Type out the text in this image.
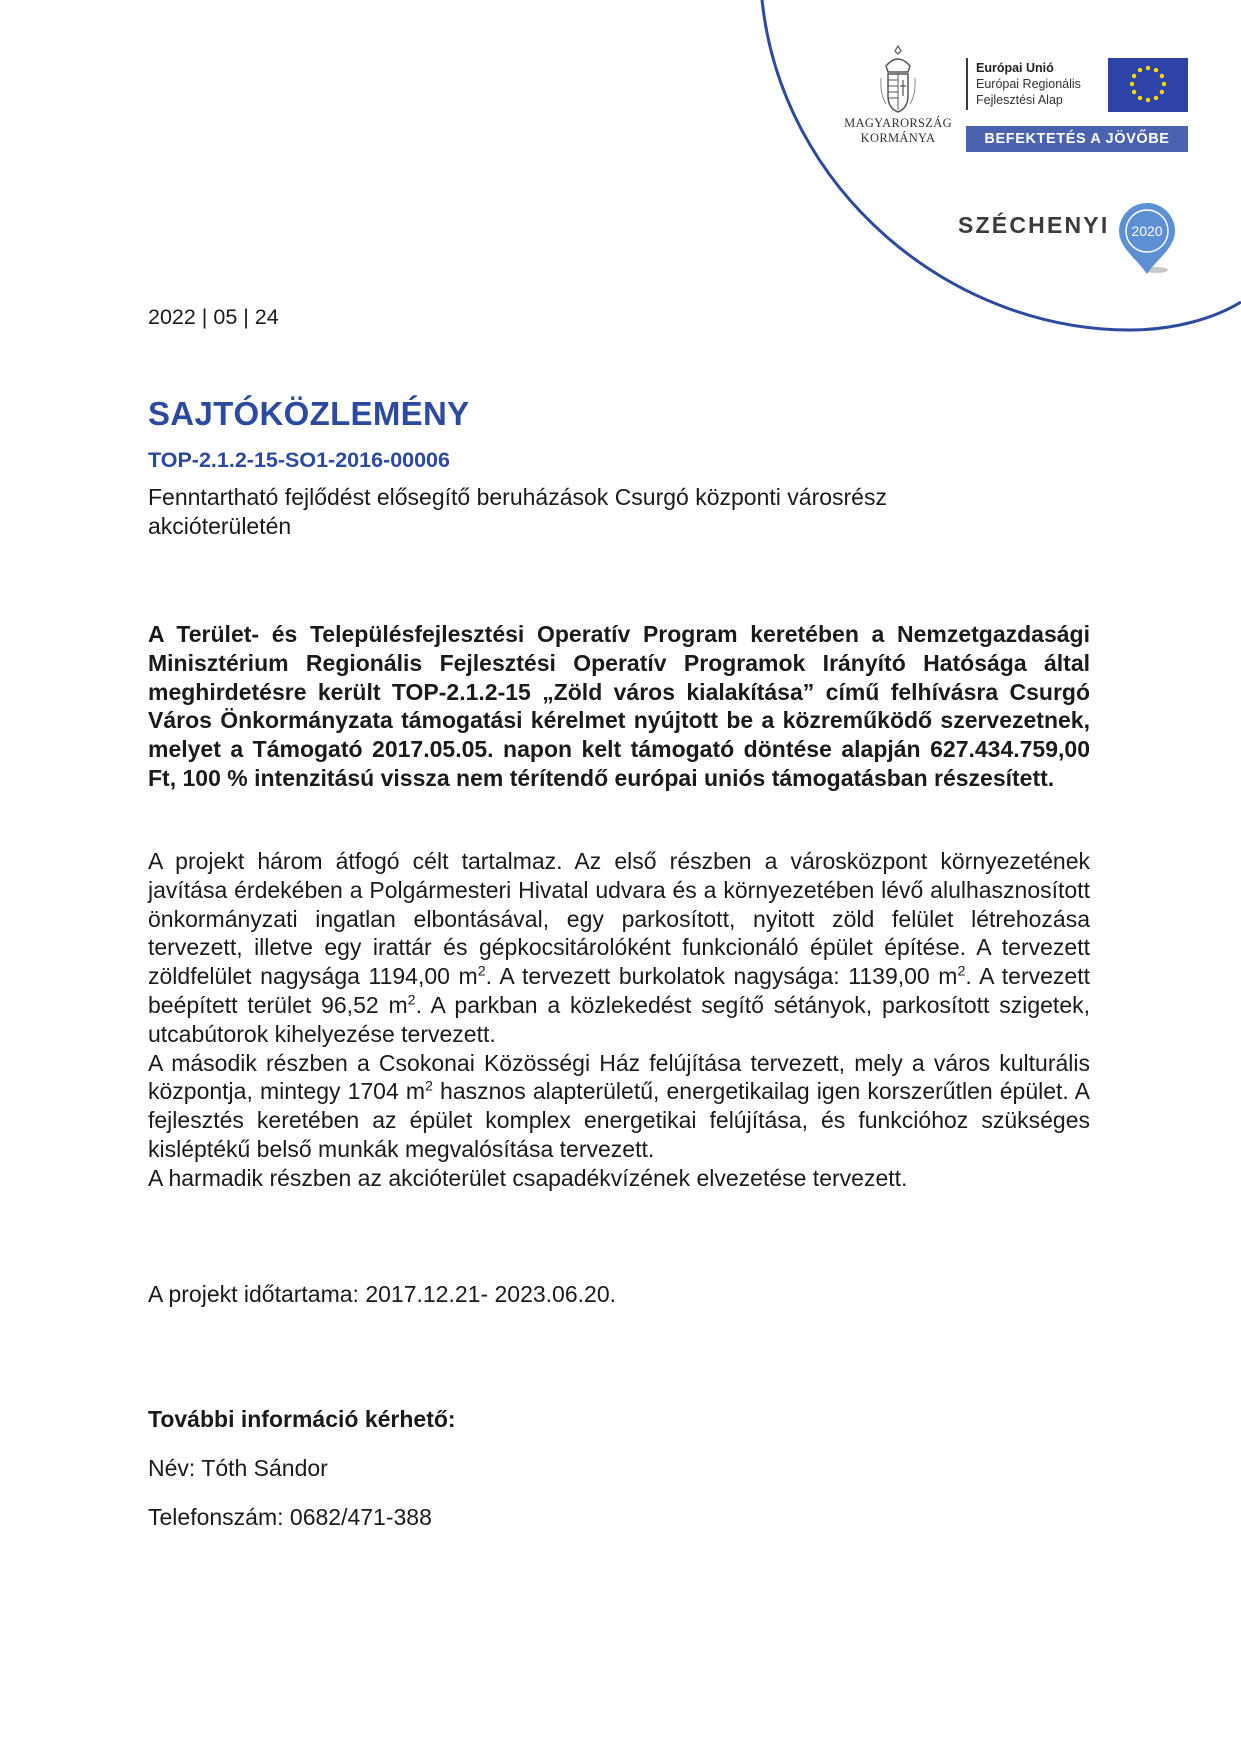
MAGYARORSZÁG
KORMÁNYA
Európai Unió
Európai Regionális
Fejlesztési Alap
BEFEKTETÉS A JÖVŐBE
SZÉCHENYI 2020
2022 | 05 | 24
SAJTÓKÖZLEMÉNY
TOP-2.1.2-15-SO1-2016-00006
Fenntartható fejlődést elősegítő beruházások Csurgó központi városrész akcióterületén
A Terület- és Településfejlesztési Operatív Program keretében a Nemzetgazdasági Minisztérium Regionális Fejlesztési Operatív Programok Irányító Hatósága által meghirdetésre került TOP-2.1.2-15 „Zöld város kialakítása” című felhívásra Csurgó Város Önkormányzata támogatási kérelmet nyújtott be a közreműködő szervezetnek, melyet a Támogató 2017.05.05. napon kelt támogató döntése alapján 627.434.759,00 Ft, 100 % intenzitású vissza nem térítendő európai uniós támogatásban részesített.

A projekt három átfogó célt tartalmaz. Az első részben a városközpont környezetének javítása érdekében a Polgármesteri Hivatal udvara és a környezetében lévő alulhasznosított önkormányzati ingatlan elbontásával, egy parkosított, nyitott zöld felület létrehozása tervezett, illetve egy irattár és gépkocsitárolóként funkcionáló épület építése. A tervezett zöldfelület nagysága 1194,00 $m^2$. A tervezett burkolatok nagysága: 1139,00 $m^2$. A tervezett beépített terület 96,52 $m^2$. A parkban a közlekedést segítő sétányok, parkosított szigetek, utcabútorok kihelyezése tervezett.

A második részben a Csokonai Közösségi Ház felújítása tervezett, mely a város kulturális központja, mintegy 1704 $m^2$ hasznos alapterületű, energetikailag igen korszerűtlen épület. A fejlesztés keretében az épület komplex energetikai felújítása, és funkcióhoz szükséges kisléptékű belső munkák megvalósítása tervezett.

A harmadik részben az akcióterület csapadékvízének elvezetése tervezett.

A projekt időtartama: 2017.12.21- 2023.06.20.
További információ kérhető:
Név: Tóth Sándor
Telefonszám: 0682/471-388
